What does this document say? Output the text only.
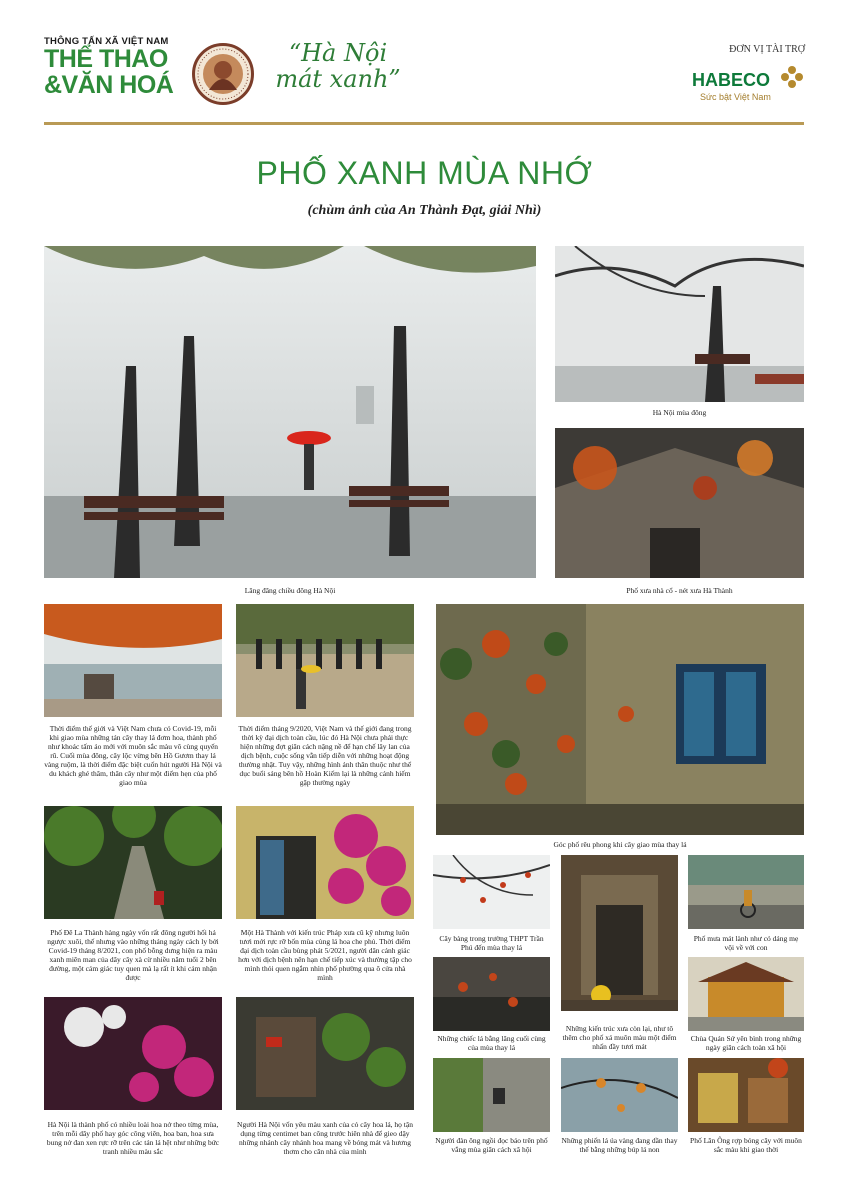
THÔNG TẤN XÃ VIỆT NAM
THỂ THAO
&VĂN HOÁ
“Hà Nội
mát xanh”
ĐƠN VỊ TÀI TRỢ
HABECO
Sức bật Việt Nam
PHỐ XANH MÙA NHỚ
(chùm ảnh của An Thành Đạt, giải Nhì)
Lãng đãng chiều đông Hà Nội
Hà Nội mùa đông
Phố xưa nhà cổ - nét xưa Hà Thành
Thời điểm thế giới và Việt Nam chưa có Covid-19, mỗi khi giao mùa những tán cây thay lá đơm hoa, thành phố như khoác tấm áo mới với muôn sắc màu vô cùng quyến rũ. Cuối mùa đông, cây lộc vừng bên Hồ Gươm thay lá vàng ruộm, là thời điểm đặc biệt cuốn hút người Hà Nội và du khách ghé thăm, thân cây như một điểm hẹn của phố giao mùa
Thời điểm tháng 9/2020, Việt Nam và thế giới đang trong thời kỳ đại dịch toàn cầu, lúc đó Hà Nội chưa phải thực hiện những đợt giãn cách nặng nề để hạn chế lây lan của dịch bệnh, cuộc sống vẫn tiếp diễn với những hoạt động thường nhật. Tuy vậy, những hình ảnh thân thuộc như thể dục buổi sáng bên hồ Hoàn Kiếm lại là những cảnh hiếm gặp thường ngày
Góc phố rêu phong khi cây giao mùa thay lá
Phố Đê La Thành hàng ngày vốn rất đông người hối hả ngược xuôi, thế nhưng vào những tháng ngày cách ly bởi Covid-19 tháng 8/2021, con phố bỗng dưng hiện ra màu xanh miên man của dãy cây xà cừ nhiều năm tuổi 2 bên đường, một cảm giác tuy quen mà lạ rất ít khi cảm nhận được
Một Hà Thành với kiến trúc Pháp xưa cũ kỹ nhưng luôn tươi mới rực rỡ bốn mùa cùng lá hoa che phủ. Thời điểm đại dịch toàn cầu bùng phát 5/2021, người dân cảnh giác hơn với dịch bệnh nên hạn chế tiếp xúc và thường tập cho mình thói quen ngắm nhìn phố phường qua ô cửa nhà mình
Cây bàng trong trường THPT Trần Phú đến mùa thay lá
Những kiến trúc xưa còn lại, như tô thêm cho phố xá muôn màu một điểm nhấn đầy tươi mát
Phố mưa mát lành như có dáng mẹ vội về với con
Những chiếc lá bằng lăng cuối cùng của mùa thay lá
Chùa Quán Sứ yên bình trong những ngày giãn cách toàn xã hội
Hà Nội là thành phố có nhiều loài hoa nở theo từng mùa, trên mỗi dãy phố hay góc công viên, hoa ban, hoa sưa bung nở đan xen rực rỡ trên các tán lá hệt như những bức tranh nhiều màu sắc
Người Hà Nội vốn yêu màu xanh của cỏ cây hoa lá, họ tận dụng từng centimet ban công trước hiên nhà để gieo dậy những nhánh cây nhánh hoa mang về bóng mát và hương thơm cho căn nhà của mình
Người đàn ông ngồi đọc báo trên phố vắng mùa giãn cách xã hội
Những phiến lá úa vàng đang dần thay thế bằng những búp lá non
Phố Lãn Ông rợp bóng cây với muôn sắc màu khi giao thời
